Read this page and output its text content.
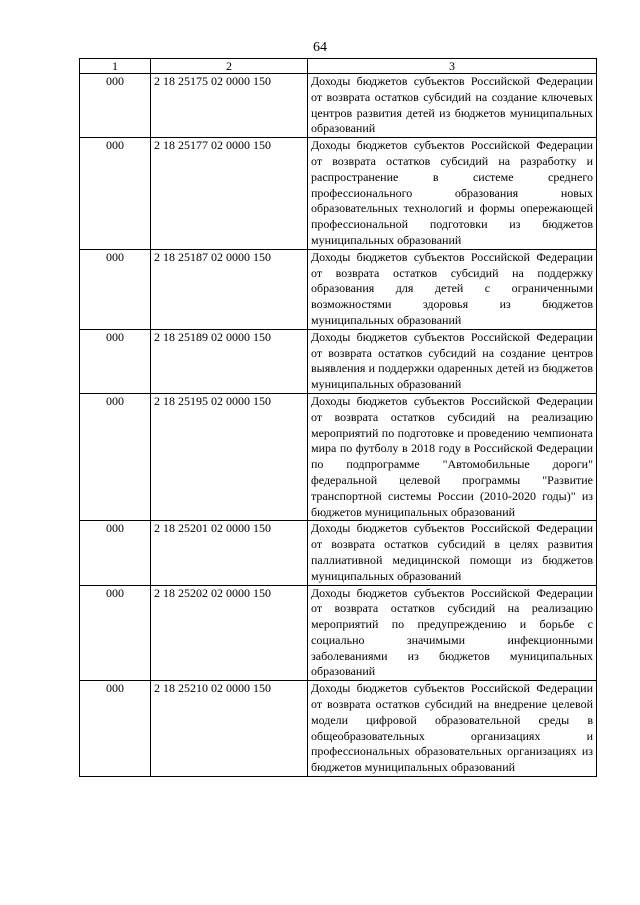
64
1	2	3
000	2 18 25175 02 0000 150	Доходы бюджетов субъектов Российской Федерации от возврата остатков субсидий на создание ключевых центров развития детей из бюджетов муниципальных образований
000	2 18 25177 02 0000 150	Доходы бюджетов субъектов Российской Федерации от возврата остатков субсидий на разработку и распространение в системе среднего профессионального образования новых образовательных технологий и формы опережающей профессиональной подготовки из бюджетов муниципальных образований
000	2 18 25187 02 0000 150	Доходы бюджетов субъектов Российской Федерации от возврата остатков субсидий на поддержку образования для детей с ограниченными возможностями здоровья из бюджетов муниципальных образований
000	2 18 25189 02 0000 150	Доходы бюджетов субъектов Российской Федерации от возврата остатков субсидий на создание центров выявления и поддержки одаренных детей из бюджетов муниципальных образований
000	2 18 25195 02 0000 150	Доходы бюджетов субъектов Российской Федерации от возврата остатков субсидий на реализацию мероприятий по подготовке и проведению чемпионата мира по футболу в 2018 году в Российской Федерации по подпрограмме "Автомобильные дороги" федеральной целевой программы "Развитие транспортной системы России (2010-2020 годы)" из бюджетов муниципальных образований
000	2 18 25201 02 0000 150	Доходы бюджетов субъектов Российской Федерации от возврата остатков субсидий в целях развития паллиативной медицинской помощи из бюджетов муниципальных образований
000	2 18 25202 02 0000 150	Доходы бюджетов субъектов Российской Федерации от возврата остатков субсидий на реализацию мероприятий по предупреждению и борьбе с социально значимыми инфекционными заболеваниями из бюджетов муниципальных образований
000	2 18 25210 02 0000 150	Доходы бюджетов субъектов Российской Федерации от возврата остатков субсидий на внедрение целевой модели цифровой образовательной среды в общеобразовательных организациях и профессиональных образовательных организациях из бюджетов муниципальных образований
